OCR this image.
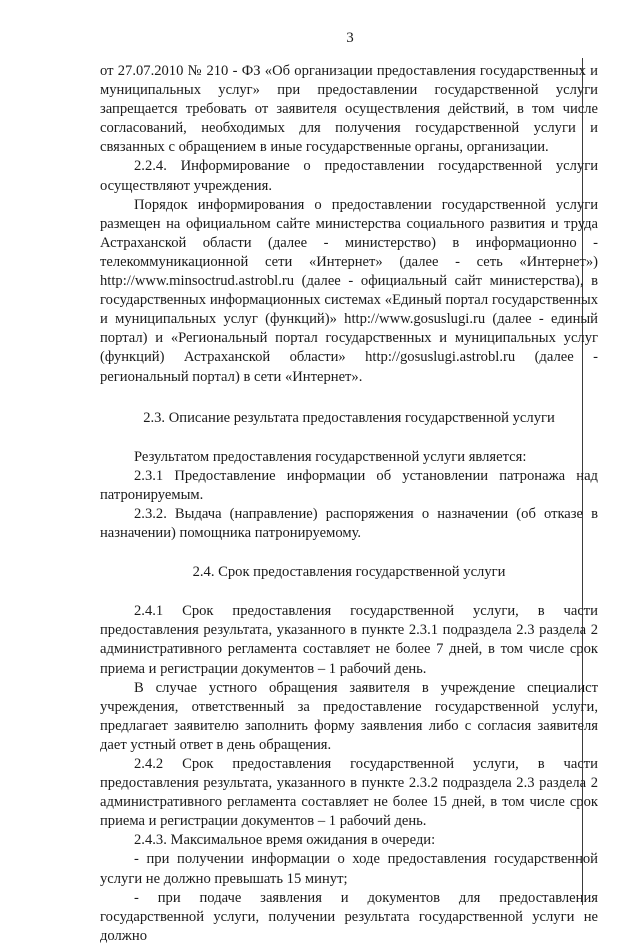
3

от 27.07.2010 № 210 - ФЗ «Об организации предоставления государственных и муниципальных услуг» при предоставлении государственной услуги запрещается требовать от заявителя осуществления действий, в том числе согласований, необходимых для получения государственной услуги и связанных с обращением в иные государственные органы, организации.

2.2.4. Информирование о предоставлении государственной услуги осуществляют учреждения.

Порядок информирования о предоставлении государственной услуги размещен на официальном сайте министерства социального развития и труда Астраханской области (далее - министерство) в информационно - телекоммуникационной сети «Интернет» (далее - сеть «Интернет») http://www.minsoctrud.astrobl.ru (далее - официальный сайт министерства), в государственных информационных системах «Единый портал государственных и муниципальных услуг (функций)» http://www.gosuslugi.ru (далее - единый портал) и «Региональный портал государственных и муниципальных услуг (функций) Астраханской области» http://gosuslugi.astrobl.ru (далее - региональный портал) в сети «Интернет».

2.3. Описание результата предоставления государственной услуги

Результатом предоставления государственной услуги является:

2.3.1 Предоставление информации об установлении патронажа над патронируемым.

2.3.2. Выдача (направление) распоряжения о назначении (об отказе в назначении) помощника патронируемому.

2.4. Срок предоставления государственной услуги

2.4.1 Срок предоставления государственной услуги, в части предоставления результата, указанного в пункте 2.3.1 подраздела 2.3 раздела 2 административного регламента составляет не более 7 дней, в том числе срок приема и регистрации документов – 1 рабочий день.

В случае устного обращения заявителя в учреждение специалист учреждения, ответственный за предоставление государственной услуги, предлагает заявителю заполнить форму заявления либо с согласия заявителя дает устный ответ в день обращения.

2.4.2 Срок предоставления государственной услуги, в части предоставления результата, указанного в пункте 2.3.2 подраздела 2.3 раздела 2 административного регламента составляет не более 15 дней, в том числе срок приема и регистрации документов – 1 рабочий день.

2.4.3. Максимальное время ожидания в очереди:

- при получении информации о ходе предоставления государственной услуги не должно превышать 15 минут;

- при подаче заявления и документов для предоставления государственной услуги, получении результата государственной услуги не должно
